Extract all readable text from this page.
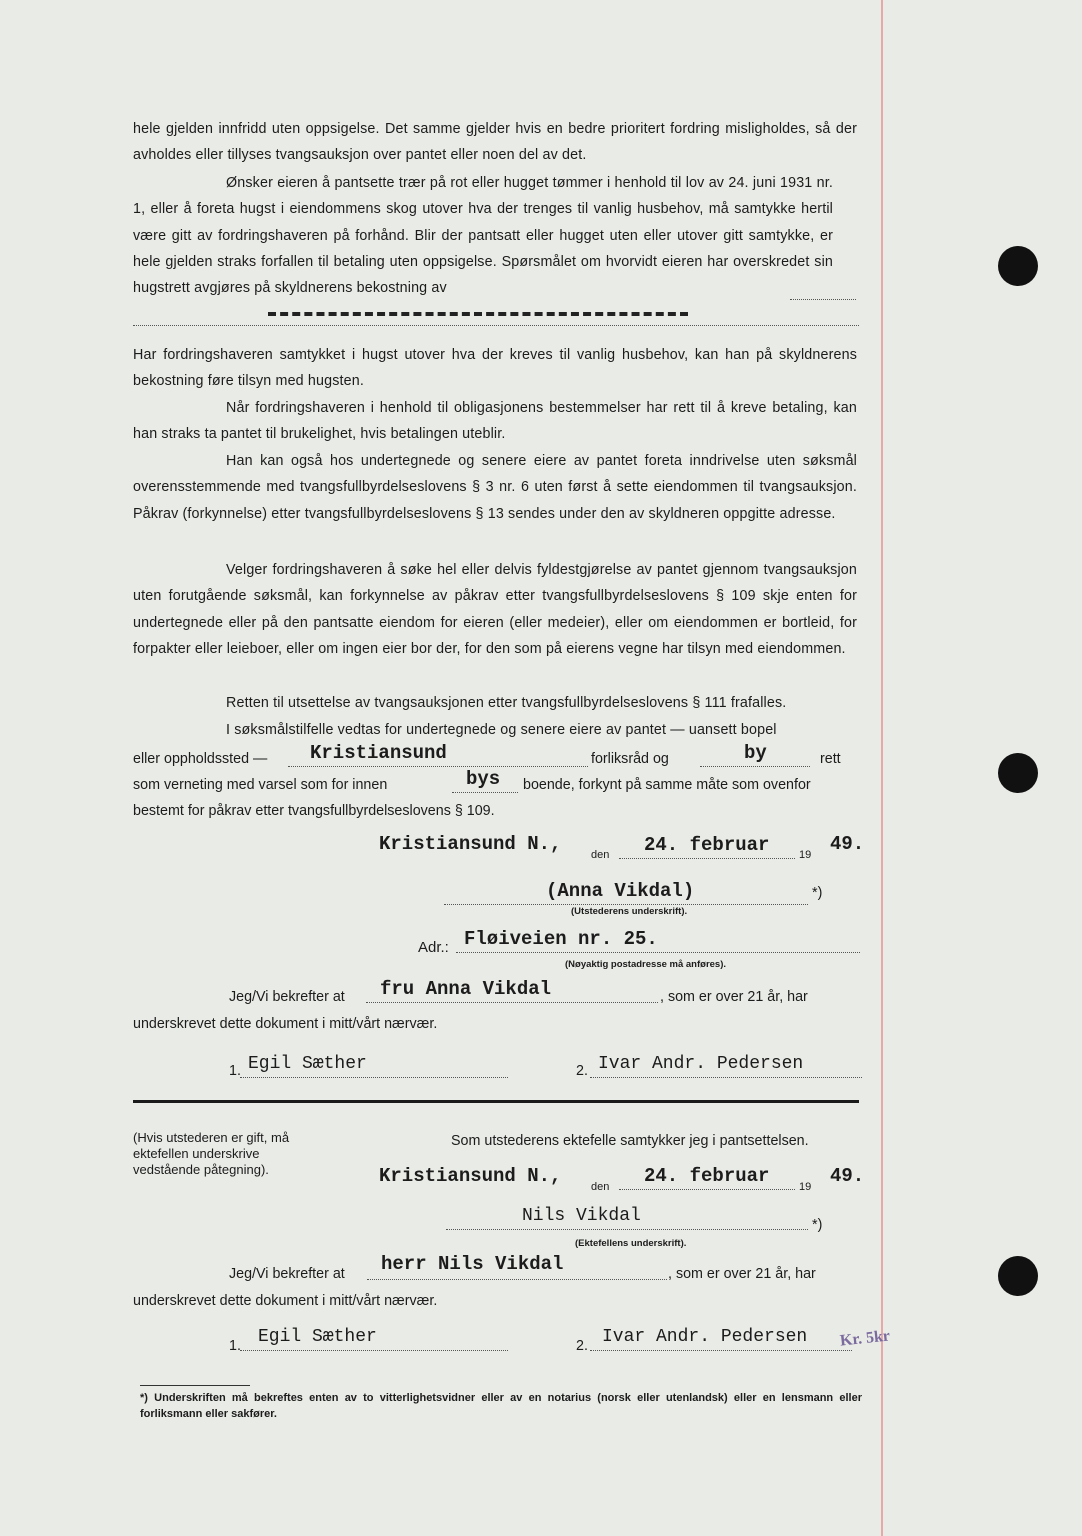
hele gjelden innfridd uten oppsigelse. Det samme gjelder hvis en bedre prioritert fordring misligholdes, så der avholdes eller tillyses tvangsauksjon over pantet eller noen del av det.
Ønsker eieren å pantsette trær på rot eller hugget tømmer i henhold til lov av 24. juni 1931 nr. 1, eller å foreta hugst i eiendommens skog utover hva der trenges til vanlig husbehov, må samtykke hertil være gitt av fordringshaveren på forhånd. Blir der pantsatt eller hugget uten eller utover gitt samtykke, er hele gjelden straks forfallen til betaling uten oppsigelse. Spørsmålet om hvorvidt eieren har overskredet sin hugstrett avgjøres på skyldnerens bekostning av
Har fordringshaveren samtykket i hugst utover hva der kreves til vanlig husbehov, kan han på skyldnerens bekostning føre tilsyn med hugsten.
Når fordringshaveren i henhold til obligasjonens bestemmelser har rett til å kreve betaling, kan han straks ta pantet til brukelighet, hvis betalingen uteblir.
Han kan også hos undertegnede og senere eiere av pantet foreta inndrivelse uten søksmål overensstemmende med tvangsfullbyrdelseslovens § 3 nr. 6 uten først å sette eiendommen til tvangsauksjon. Påkrav (forkynnelse) etter tvangsfullbyrdelseslovens § 13 sendes under den av skyldneren oppgitte adresse.
Velger fordringshaveren å søke hel eller delvis fyldestgjørelse av pantet gjennom tvangsauksjon uten forutgående søksmål, kan forkynnelse av påkrav etter tvangsfullbyrdelseslovens § 109 skje enten for undertegnede eller på den pantsatte eiendom for eieren (eller medeier), eller om eiendommen er bortleid, for forpakter eller leieboer, eller om ingen eier bor der, for den som på eierens vegne har tilsyn med eiendommen.
Retten til utsettelse av tvangsauksjonen etter tvangsfullbyrdelseslovens § 111 frafalles.
I søksmålstilfelle vedtas for undertegnede og senere eiere av pantet — uansett bopel
eller oppholdssted —	Kristiansund	forliksråd og	by	rett
som verneting med varsel som for innen	bys	boende, forkynt på samme måte som ovenfor
bestemt for påkrav etter tvangsfullbyrdelseslovens § 109.
Kristiansund N.,	den	24. februar	19 49.
(Anna Vikdal)	*)
(Utstederens underskrift).
Adr.: Fløiveien nr. 25.
(Nøyaktig postadresse må anføres).
Jeg/Vi bekrefter at	fru Anna Vikdal	, som er over 21 år, har
underskrevet dette dokument i mitt/vårt nærvær.
1. Egil Sæther	2. Ivar Andr. Pedersen
(Hvis utstederen er gift, må ektefellen underskrive vedstående påtegning).
Som utstederens ektefelle samtykker jeg i pantsettelsen.
Kristiansund N.,	den	24. februar	19 49.
Nils Vikdal	*)
(Ektefellens underskrift).
Jeg/Vi bekrefter at	herr Nils Vikdal	, som er over 21 år, har
underskrevet dette dokument i mitt/vårt nærvær.
1. Egil Sæther	2. Ivar Andr. Pedersen	Kr. 5kr
*) Underskriften må bekreftes enten av to vitterlighetsvidner eller av en notarius (norsk eller utenlandsk) eller en lensmann eller forliksmann eller sakfører.
